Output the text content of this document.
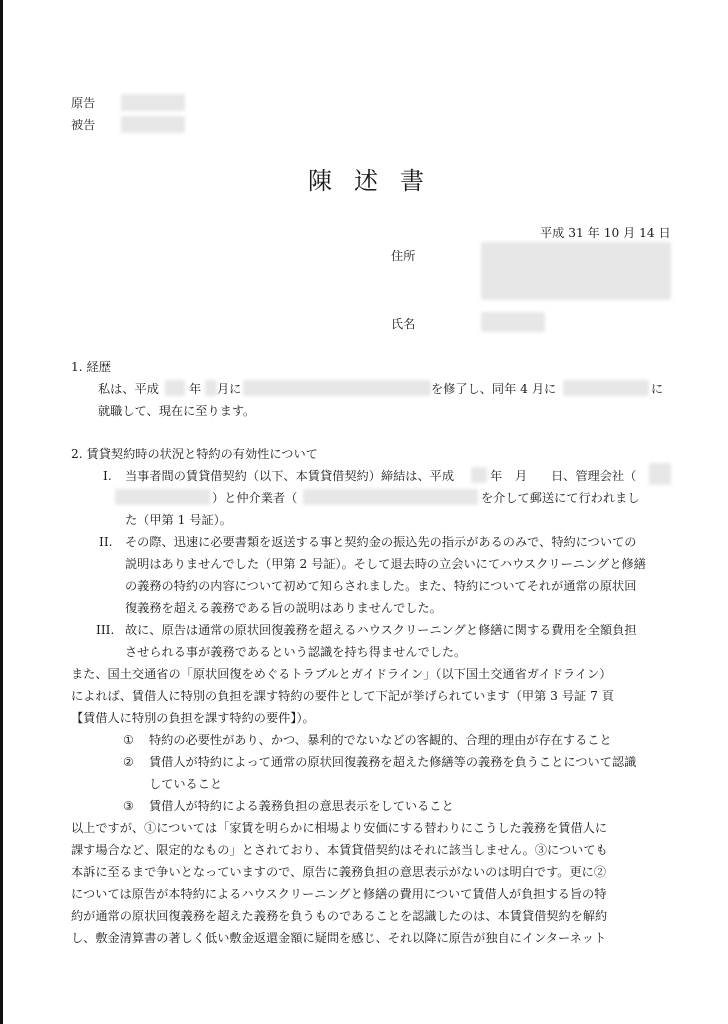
原告
被告
陳述書
平成 31 年 10 月 14 日
住所
氏名
1. 経歴
私は、平成 年 月に	を修了し、同年 4 月に	に
就職して、現在に至ります。
2. 賃貸契約時の状況と特約の有効性について
I. 当事者間の賃貸借契約（以下、本賃貸借契約）締結は、平成	年 月 日、管理会社（
）と仲介業者（	を介して郵送にて行われまし
た（甲第 1 号証）。
II. その際、迅速に必要書類を返送する事と契約金の振込先の指示があるのみで、特約についての
説明はありませんでした（甲第 2 号証）。そして退去時の立会いにてハウスクリーニングと修繕
の義務の特約の内容について初めて知らされました。また、特約についてそれが通常の原状回
復義務を超える義務である旨の説明はありませんでした。
III. 故に、原告は通常の原状回復義務を超えるハウスクリーニングと修繕に関する費用を全額負担
させられる事が義務であるという認識を持ち得ませんでした。
また、国土交通省の「原状回復をめぐるトラブルとガイドライン」（以下国土交通省ガイドライン）
によれば、賃借人に特別の負担を課す特約の要件として下記が挙げられています（甲第 3 号証 7 頁
【賃借人に特別の負担を課す特約の要件】）。
① 特約の必要性があり、かつ、暴利的でないなどの客観的、合理的理由が存在すること
② 賃借人が特約によって通常の原状回復義務を超えた修繕等の義務を負うことについて認識
していること
③ 賃借人が特約による義務負担の意思表示をしていること
以上ですが、①については「家賃を明らかに相場より安価にする替わりにこうした義務を賃借人に
課す場合など、限定的なもの」とされており、本賃貸借契約はそれに該当しません。③についても
本訴に至るまで争いとなっていますので、原告に義務負担の意思表示がないのは明白です。更に②
については原告が本特約によるハウスクリーニングと修繕の費用について賃借人が負担する旨の特
約が通常の原状回復義務を超えた義務を負うものであることを認識したのは、本賃貸借契約を解約
し、敷金清算書の著しく低い敷金返還金額に疑問を感じ、それ以降に原告が独自にインターネット
